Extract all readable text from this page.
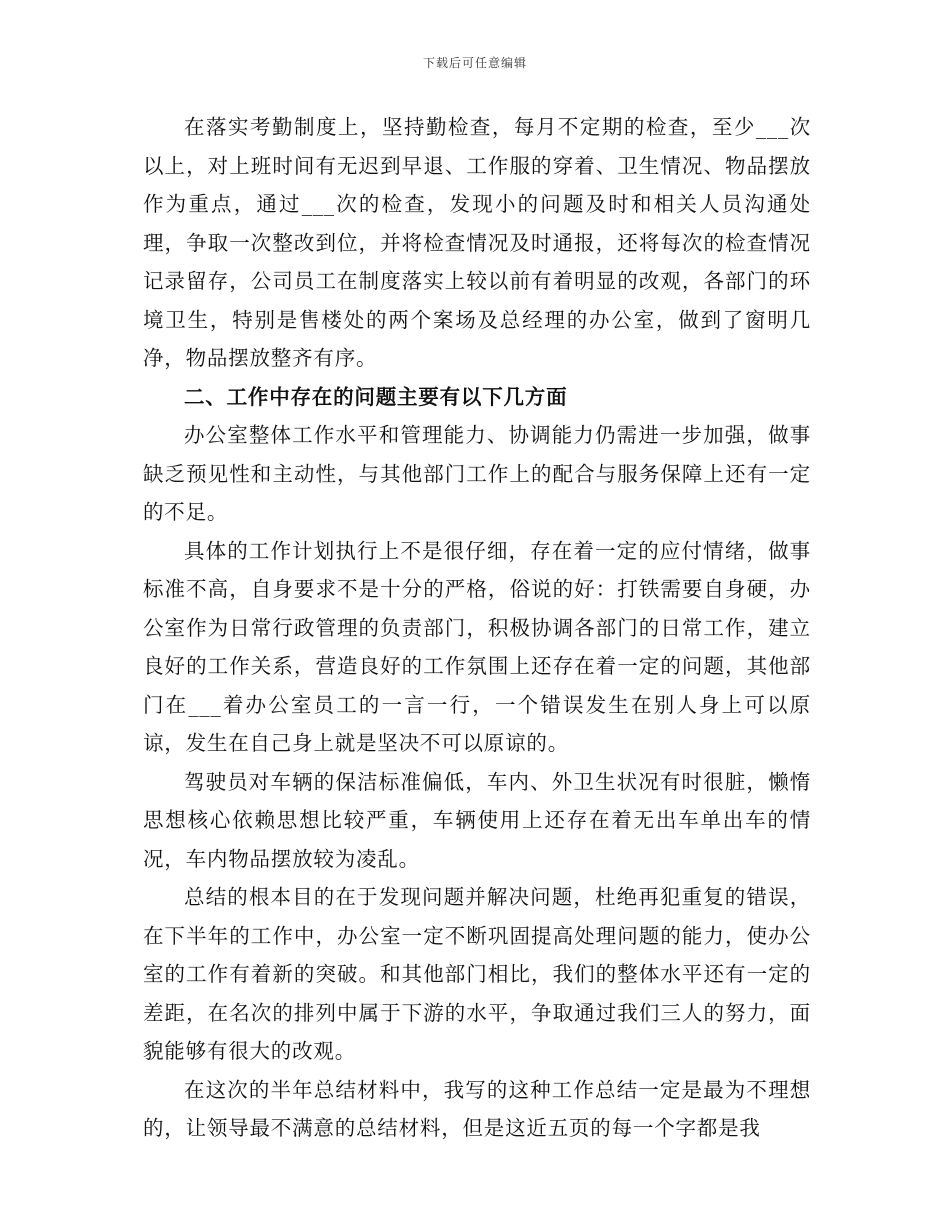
下载后可任意编辑

在落实考勤制度上，坚持勤检查，每月不定期的检查，至少___次以上，对上班时间有无迟到早退、工作服的穿着、卫生情况、物品摆放作为重点，通过___次的检查，发现小的问题及时和相关人员沟通处理，争取一次整改到位，并将检查情况及时通报，还将每次的检查情况记录留存，公司员工在制度落实上较以前有着明显的改观，各部门的环境卫生，特别是售楼处的两个案场及总经理的办公室，做到了窗明几净，物品摆放整齐有序。

二、工作中存在的问题主要有以下几方面

办公室整体工作水平和管理能力、协调能力仍需进一步加强，做事缺乏预见性和主动性，与其他部门工作上的配合与服务保障上还有一定的不足。

具体的工作计划执行上不是很仔细，存在着一定的应付情绪，做事标准不高，自身要求不是十分的严格，俗说的好：打铁需要自身硬，办公室作为日常行政管理的负责部门，积极协调各部门的日常工作，建立良好的工作关系，营造良好的工作氛围上还存在着一定的问题，其他部门在___着办公室员工的一言一行，一个错误发生在别人身上可以原谅，发生在自己身上就是坚决不可以原谅的。

驾驶员对车辆的保洁标准偏低，车内、外卫生状况有时很脏，懒惰思想核心依赖思想比较严重，车辆使用上还存在着无出车单出车的情况，车内物品摆放较为凌乱。

总结的根本目的在于发现问题并解决问题，杜绝再犯重复的错误，在下半年的工作中，办公室一定不断巩固提高处理问题的能力，使办公室的工作有着新的突破。和其他部门相比，我们的整体水平还有一定的差距，在名次的排列中属于下游的水平，争取通过我们三人的努力，面貌能够有很大的改观。

在这次的半年总结材料中，我写的这种工作总结一定是最为不理想的，让领导最不满意的总结材料，但是这近五页的每一个字都是我
